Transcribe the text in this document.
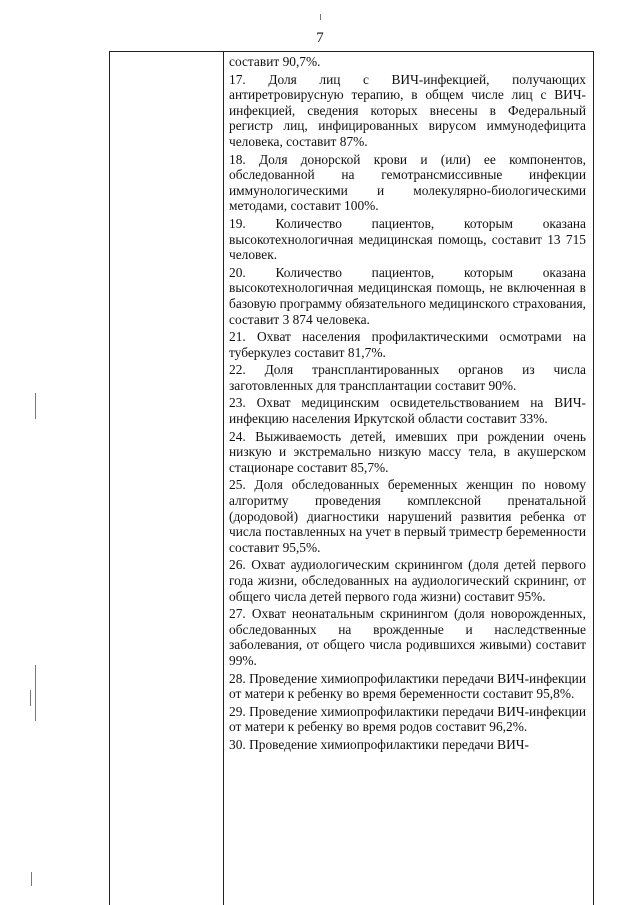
7

составит 90,7%.

17. Доля лиц с ВИЧ-инфекцией, получающих антиретровирусную терапию, в общем числе лиц с ВИЧ-инфекцией, сведения которых внесены в Федеральный регистр лиц, инфицированных вирусом иммунодефицита человека, составит 87%.

18. Доля донорской крови и (или) ее компонентов, обследованной на гемотрансмиссивные инфекции иммунологическими и молекулярно-биологическими методами, составит 100%.

19. Количество пациентов, которым оказана высокотехнологичная медицинская помощь, составит 13 715 человек.

20. Количество пациентов, которым оказана высокотехнологичная медицинская помощь, не включенная в базовую программу обязательного медицинского страхования, составит 3 874 человека.

21. Охват населения профилактическими осмотрами на туберкулез составит 81,7%.

22. Доля трансплантированных органов из числа заготовленных для трансплантации составит 90%.

23. Охват медицинским освидетельствованием на ВИЧ-инфекцию населения Иркутской области составит 33%.

24. Выживаемость детей, имевших при рождении очень низкую и экстремально низкую массу тела, в акушерском стационаре составит 85,7%.

25. Доля обследованных беременных женщин по новому алгоритму проведения комплексной пренатальной (дородовой) диагностики нарушений развития ребенка от числа поставленных на учет в первый триместр беременности составит 95,5%.

26. Охват аудиологическим скринингом (доля детей первого года жизни, обследованных на аудиологический скрининг, от общего числа детей первого года жизни) составит 95%.

27. Охват неонатальным скринингом (доля новорожденных, обследованных на врожденные и наследственные заболевания, от общего числа родившихся живыми) составит 99%.

28. Проведение химиопрофилактики передачи ВИЧ-инфекции от матери к ребенку во время беременности составит 95,8%.

29. Проведение химиопрофилактики передачи ВИЧ-инфекции от матери к ребенку во время родов составит 96,2%.

30. Проведение химиопрофилактики передачи ВИЧ-
